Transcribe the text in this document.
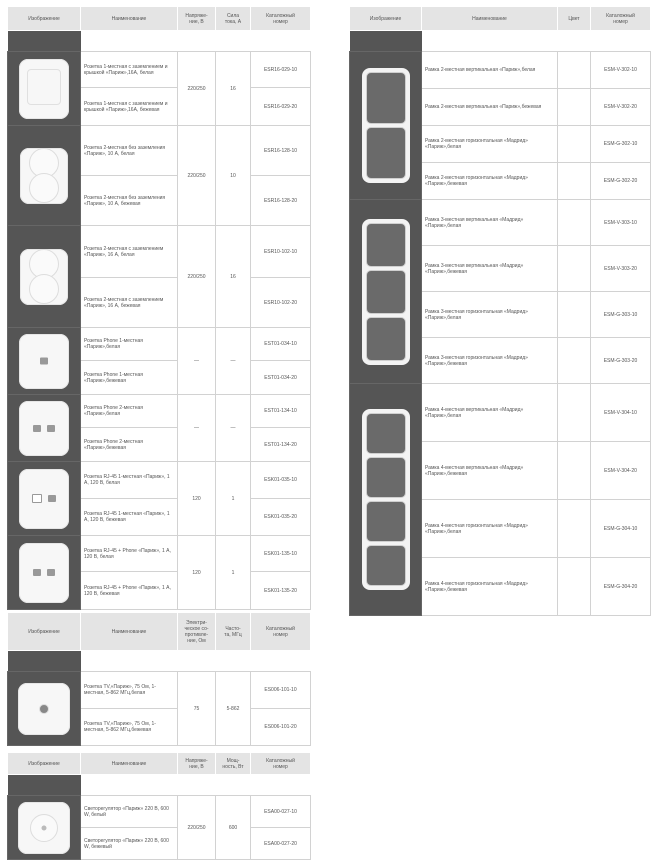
Изображение	Наименование	Напряже-
ние, В	Сила
тока, А	Каталожный
номер

	Розетка 1-местная с заземлением и крышкой «Париж»,16А, белая	220/250	16	ESR16-029-10
	Розетка 1-местная с заземлением и крышкой «Париж»,16А, бежевая			ESR16-029-20

	Розетка 2-местная без заземления «Париж», 10 А, белая	220/250	10	ESR16-128-10
	Розетка 2-местная без заземления «Париж», 10 А, бежевая			ESR16-128-20

	Розетка 2-местная с заземлением «Париж», 16 А, белая	220/250	16	ESR10-102-10
	Розетка 2-местная с заземлением «Париж», 16 А, бежевая			ESR10-102-20

	Розетка Phone 1-местная «Париж»,белая	—	—	EST01-034-10
	Розетка Phone 1-местная «Париж»,бежевая			EST01-034-20

	Розетка Phone 2-местная «Париж»,белая	—	—	EST01-134-10
	Розетка Phone 2-местная «Париж»,бежевая			EST01-134-20

	Розетка RJ-45 1-местная «Париж», 1 А, 120 В, белая	120	1	ESK01-035-10
	Розетка RJ-45 1-местная «Париж», 1 А, 120 В, бежевая			ESK01-035-20

	Розетка RJ-45 + Phone «Париж», 1 А, 120 В, белая	120	1	ESK01-135-10
	Розетка RJ-45 + Phone «Париж», 1 А, 120 В, бежевая			ESK01-135-20
Изображение	Наименование	Цвет	Каталожный
номер

	Рамка 2-местная вертикальная «Париж»,белая		ESM-V-302-10
	Рамка 2-местная вертикальная «Париж»,бежевая		ESM-V-302-20
	Рамка 2-местная горизонтальная «Мадрид» «Париж»,белая		ESM-G-302-10
	Рамка 2-местная горизонтальная «Мадрид» «Париж»,бежевая		ESM-G-302-20

	Рамка 3-местная вертикальная «Мадрид» «Париж»,белая		ESM-V-303-10
	Рамка 3-местная вертикальная «Мадрид» «Париж»,бежевая		ESM-V-303-20
	Рамка 3-местная горизонтальная «Мадрид» «Париж»,белая		ESM-G-303-10
	Рамка 3-местная горизонтальная «Мадрид» «Париж»,бежевая		ESM-G-303-20

	Рамка 4-местная вертикальная «Мадрид» «Париж»,белая		ESM-V-304-10
	Рамка 4-местная вертикальная «Мадрид» «Париж»,бежевая		ESM-V-304-20
	Рамка 4-местная горизонтальная «Мадрид» «Париж»,белая		ESM-G-304-10
	Рамка 4-местная горизонтальная «Мадрид» «Париж»,бежевая		ESM-G-304-20
Изображение	Наименование	Электри-
ческое со-
противле-
ние, Ом	Часто-
та, МГц	Каталожный
номер

	Розетка TV,«Париж», 75 Ом, 1-местная, 5-862 МГц,белая	75	5-862	ES006-101-10
	Розетка TV,«Париж», 75 Ом, 1-местная, 5-862 МГц,бежевая			ES006-101-20
Изображение	Наименование	Напряже-
ние, В	Мощ-
ность, Вт	Каталожный
номер

	Светорегулятор «Париж» 220 В, 600 W, белый	220/250	600	ESA00-027-10
	Светорегулятор «Париж» 220 В, 600 W, бежевый			ESA00-027-20
